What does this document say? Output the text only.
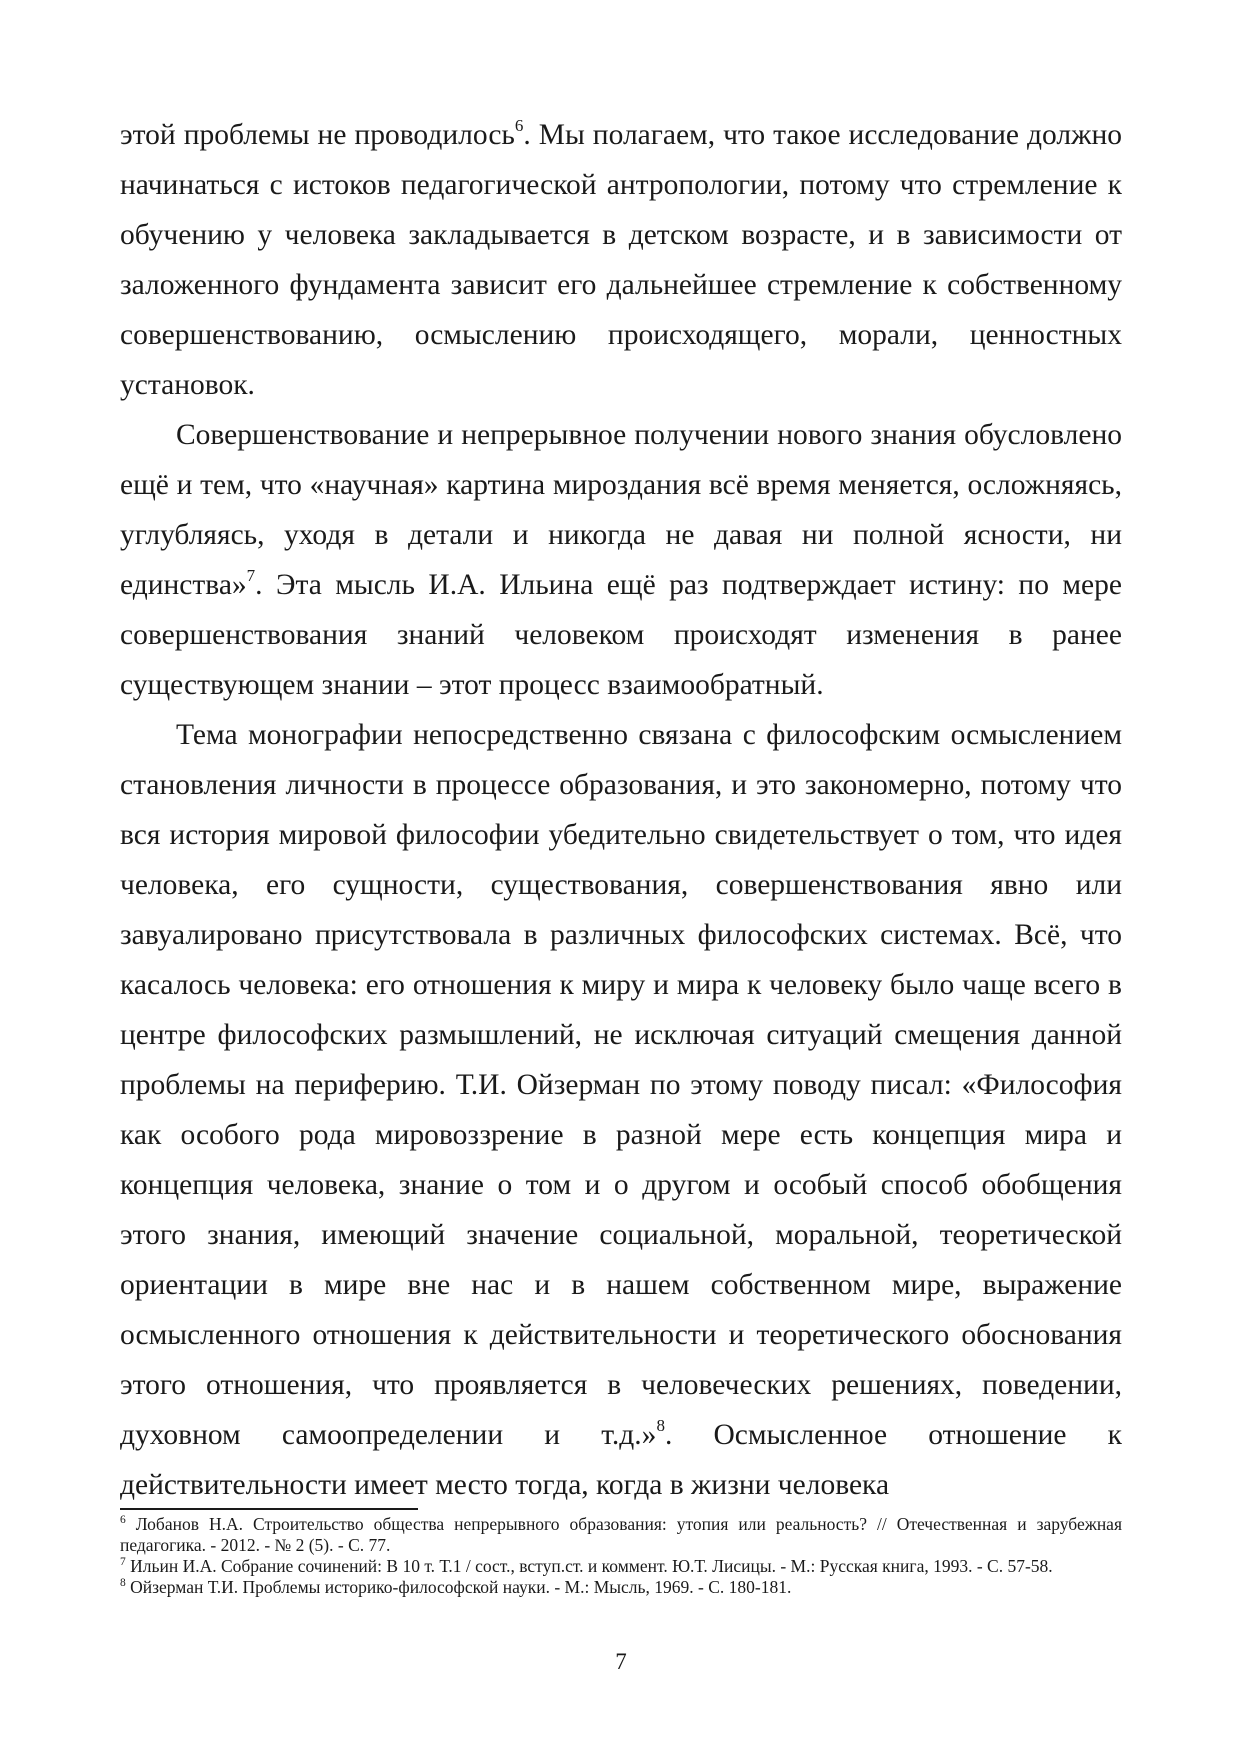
этой проблемы не проводилось$^6$. Мы полагаем, что такое исследование должно начинаться с истоков педагогической антропологии, потому что стремление к обучению у человека закладывается в детском возрасте, и в зависимости от заложенного фундамента зависит его дальнейшее стремление к собственному совершенствованию, осмыслению происходящего, морали, ценностных установок.

Совершенствование и непрерывное получении нового знания обусловлено ещё и тем, что «научная» картина мироздания всё время меняется, осложняясь, углубляясь, уходя в детали и никогда не давая ни полной ясности, ни единства»$^7$. Эта мысль И.А. Ильина ещё раз подтверждает истину: по мере совершенствования знаний человеком происходят изменения в ранее существующем знании – этот процесс взаимообратный.

Тема монографии непосредственно связана с философским осмыслением становления личности в процессе образования, и это закономерно, потому что вся история мировой философии убедительно свидетельствует о том, что идея человека, его сущности, существования, совершенствования явно или завуалировано присутствовала в различных философских системах. Всё, что касалось человека: его отношения к миру и мира к человеку было чаще всего в центре философских размышлений, не исключая ситуаций смещения данной проблемы на периферию. Т.И. Ойзерман по этому поводу писал: «Философия как особого рода мировоззрение в разной мере есть концепция мира и концепция человека, знание о том и о другом и особый способ обобщения этого знания, имеющий значение социальной, моральной, теоретической ориентации в мире вне нас и в нашем собственном мире, выражение осмысленного отношения к действительности и теоретического обоснования этого отношения, что проявляется в человеческих решениях, поведении, духовном самоопределении и т.д.»$^8$. Осмысленное отношение к действительности имеет место тогда, когда в жизни человека

$^6$ Лобанов Н.А. Строительство общества непрерывного образования: утопия или реальность? // Отечественная и зарубежная педагогика. - 2012. - № 2 (5). - С. 77.

$^7$ Ильин И.А. Собрание сочинений: В 10 т. Т.1 / сост., вступ.ст. и коммент. Ю.Т. Лисицы. - М.: Русская книга, 1993. - С. 57-58.

$^8$ Ойзерман Т.И. Проблемы историко-философской науки. - М.: Мысль, 1969. - С. 180-181.

7
